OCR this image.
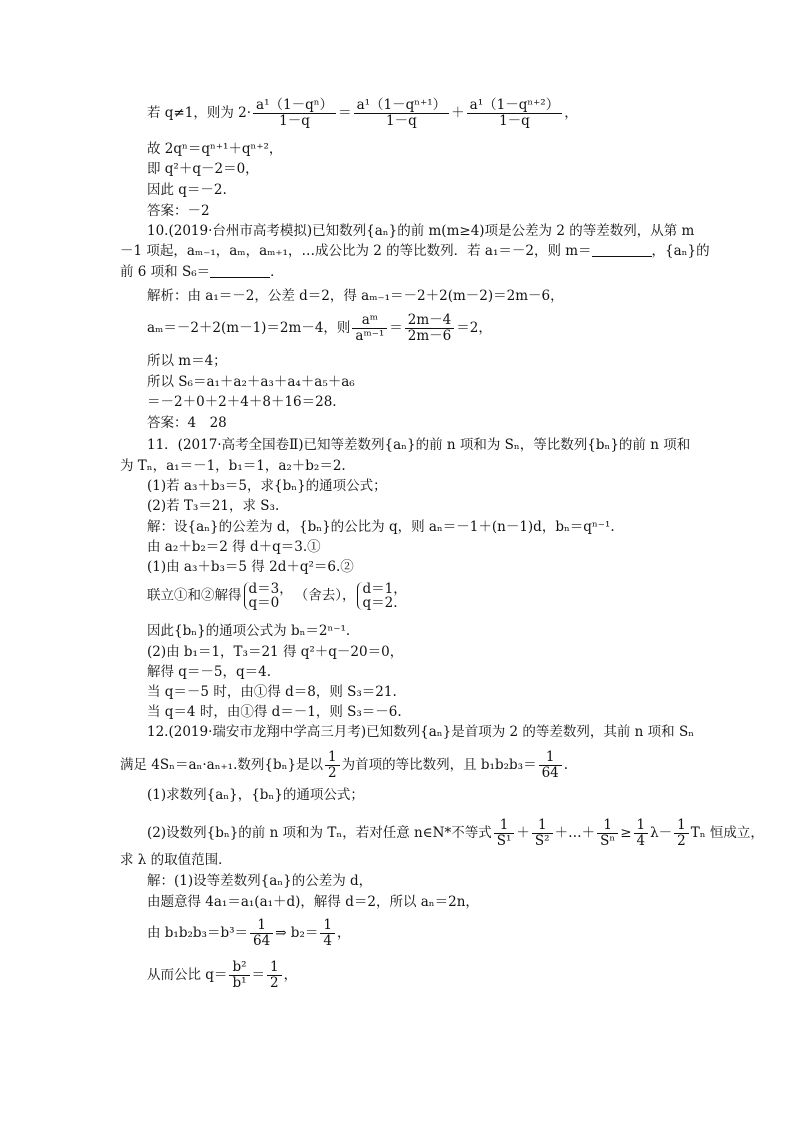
若 q≠1，则为 $2\cdot \frac{\text{a¹（1－qⁿ）}}{1-q} = \frac{\text{a¹（1－qⁿ⁺¹）}}{1-q} + \frac{\text{a¹（1－qⁿ⁺²）}}{1-q}$ ，
故 2qⁿ＝qⁿ⁺¹＋qⁿ⁺²，
即 q²＋q－2＝0，
因此 q＝－2.
答案：－2
10.(2019·台州市高考模拟)已知数列{aₙ}的前 m(m≥4)项是公差为 2 的等差数列，从第 m
－1 项起，aₘ₋₁，aₘ，aₘ₊₁，…成公比为 2 的等比数列．若 a₁＝－2，则 m＝	，{aₙ}的
前 6 项和 S₆＝	．
解析：由 a₁＝－2，公差 d＝2，得 aₘ₋₁＝－2＋2(m－2)＝2m－6，
aₘ＝－2＋2(m－1)＝2m－4，则 $\frac{\text{aᵐ}}{\text{aᵐ⁻¹}} = \frac{2m-4}{2m-6} =2$，
所以 m＝4；
所以 S₆＝a₁＋a₂＋a₃＋a₄＋a₅＋a₆
＝－2＋0＋2＋4＋8＋16＝28.
答案：4　28
11．(2017·高考全国卷Ⅱ)已知等差数列{aₙ}的前 n 项和为 Sₙ，等比数列{bₙ}的前 n 项和
为 Tₙ，a₁＝－1，b₁＝1，a₂＋b₂＝2.
(1)若 a₃＋b₃＝5，求{bₙ}的通项公式；
(2)若 T₃＝21，求 S₃.
解：设{aₙ}的公差为 d，{bₙ}的公比为 q，则 aₙ＝－1＋(n－1)d，bₙ＝qⁿ⁻¹.
由 a₂＋b₂＝2 得 d＋q＝3.①
(1)由 a₃＋b₃＝5 得 2d＋q²＝6.②
联立①和②解得 d＝3，
q＝0	（舍去）， d＝1，
q＝2.
因此{bₙ}的通项公式为 bₙ＝2ⁿ⁻¹.
(2)由 b₁＝1，T₃＝21 得 q²＋q－20＝0，
解得 q＝－5，q＝4.
当 q＝－5 时，由①得 d＝8，则 S₃＝21.
当 q＝4 时，由①得 d＝－1，则 S₃＝－6.
12.(2019·瑞安市龙翔中学高三月考)已知数列{aₙ}是首项为 2 的等差数列，其前 n 项和 Sₙ
满足 4Sₙ＝aₙ·aₙ₊₁.数列{bₙ}是以 $\frac{1}{2}$ 为首项的等比数列，且 $b_1b_2b_3= \frac{1}{64}$ .
(1)求数列{aₙ}，{bₙ}的通项公式；
(2)设数列{bₙ}的前 n 项和为 Tₙ，若对任意 n∈N*不等式 $\frac{1}{\text{S¹}} + \frac{1}{\text{S²}}$ ＋…＋ $\frac{1}{\text{Sⁿ}} \ge \frac{1}{4} \lambda- \frac{1}{2}$ Tₙ 恒成立，
求 λ 的取值范围．
解：(1)设等差数列{aₙ}的公差为 d，
由题意得 4a₁＝a₁(a₁＋d)，解得 d＝2，所以 aₙ＝2n，
由 $b_1b_2b_3=b^3= \frac{1}{64}$ ⇒ $b_2= \frac{1}{4}$ ，
从而公比 $q= \frac{\text{b²}}{\text{b¹}} = \frac{1}{2}$ ，
